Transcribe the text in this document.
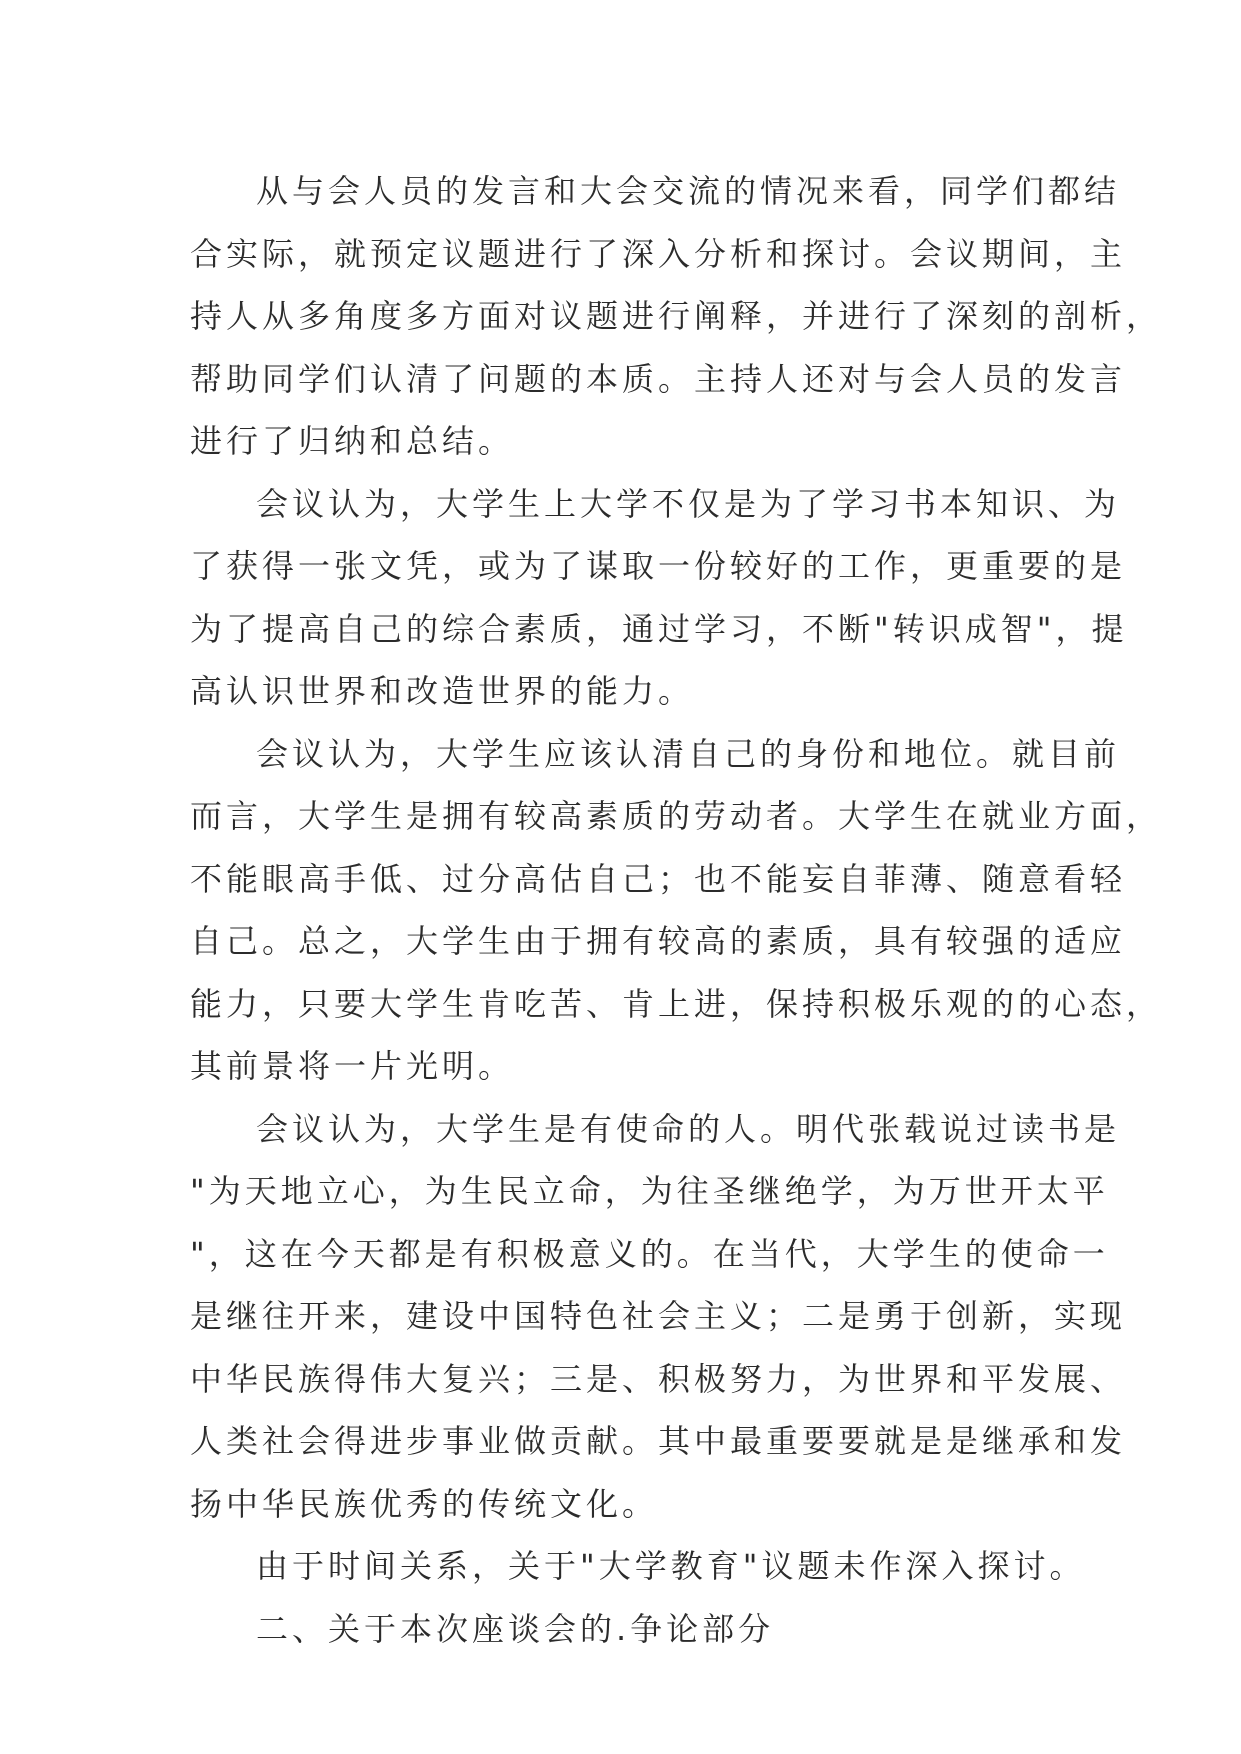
从与会人员的发言和大会交流的情况来看，同学们都结
合实际，就预定议题进行了深入分析和探讨。会议期间，主
持人从多角度多方面对议题进行阐释，并进行了深刻的剖析，
帮助同学们认清了问题的本质。主持人还对与会人员的发言
进行了归纳和总结。
会议认为，大学生上大学不仅是为了学习书本知识、为
了获得一张文凭，或为了谋取一份较好的工作，更重要的是
为了提高自己的综合素质，通过学习，不断"转识成智"，提
高认识世界和改造世界的能力。
会议认为，大学生应该认清自己的身份和地位。就目前
而言，大学生是拥有较高素质的劳动者。大学生在就业方面，
不能眼高手低、过分高估自己；也不能妄自菲薄、随意看轻
自己。总之，大学生由于拥有较高的素质，具有较强的适应
能力，只要大学生肯吃苦、肯上进，保持积极乐观的的心态，
其前景将一片光明。
会议认为，大学生是有使命的人。明代张载说过读书是
"为天地立心，为生民立命，为往圣继绝学，为万世开太平
"，这在今天都是有积极意义的。在当代，大学生的使命一
是继往开来，建设中国特色社会主义；二是勇于创新，实现
中华民族得伟大复兴；三是、积极努力，为世界和平发展、
人类社会得进步事业做贡献。其中最重要要就是是继承和发
扬中华民族优秀的传统文化。
由于时间关系，关于"大学教育"议题未作深入探讨。
二、关于本次座谈会的.争论部分
